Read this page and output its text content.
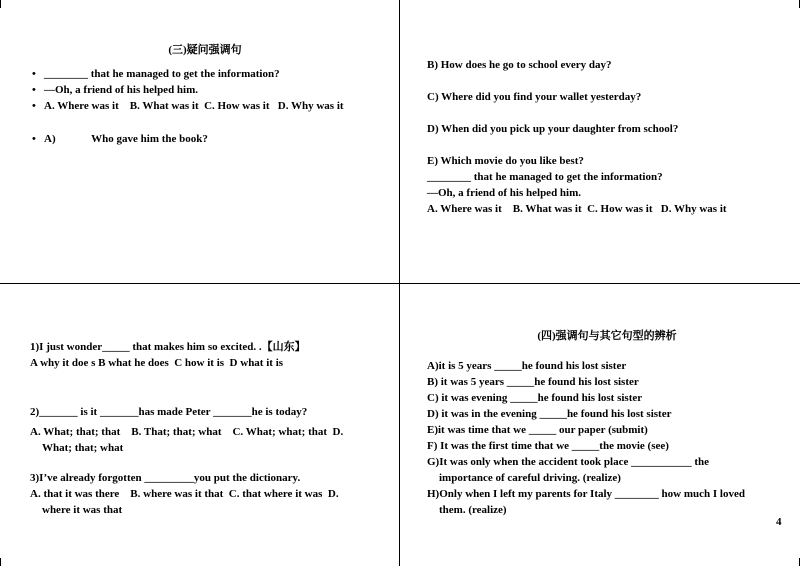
(三)疑问强调句
• ________ that he managed to get the information?
• —Oh, a friend of his helped him.
• A. Where was it    B. What was it  C. How was it   D. Why was it
• A)             Who gave him the book?
B) How does he go to school every day?
C) Where did you find your wallet yesterday?
D) When did you pick up your daughter from school?
E) Which movie do you like best?
________ that he managed to get the information?
—Oh, a friend of his helped him.
A. Where was it    B. What was it  C. How was it   D. Why was it
1)I just wonder_____ that makes him so excited. .【山东】
A why it doe s B what he does  C how it is  D what it is
2)_______ is it _______has made Peter _______he is today?
A. What; that; that    B. That; that; what    C. What; what; that  D.
What; that; what
3)I’ve already forgotten _________you put the dictionary.
A. that it was there    B. where was it that  C. that where it was  D.
where it was that
(四)强调句与其它句型的辨析
A)it is 5 years _____he found his lost sister
B) it was 5 years _____he found his lost sister
C) it was evening _____he found his lost sister
D) it was in the evening _____he found his lost sister
E)it was time that we _____ our paper (submit)
F) It was the first time that we _____the movie (see)
G)It was only when the accident took place ___________ the
importance of careful driving. (realize)
H)Only when I left my parents for Italy ________ how much I loved
them. (realize)
4
